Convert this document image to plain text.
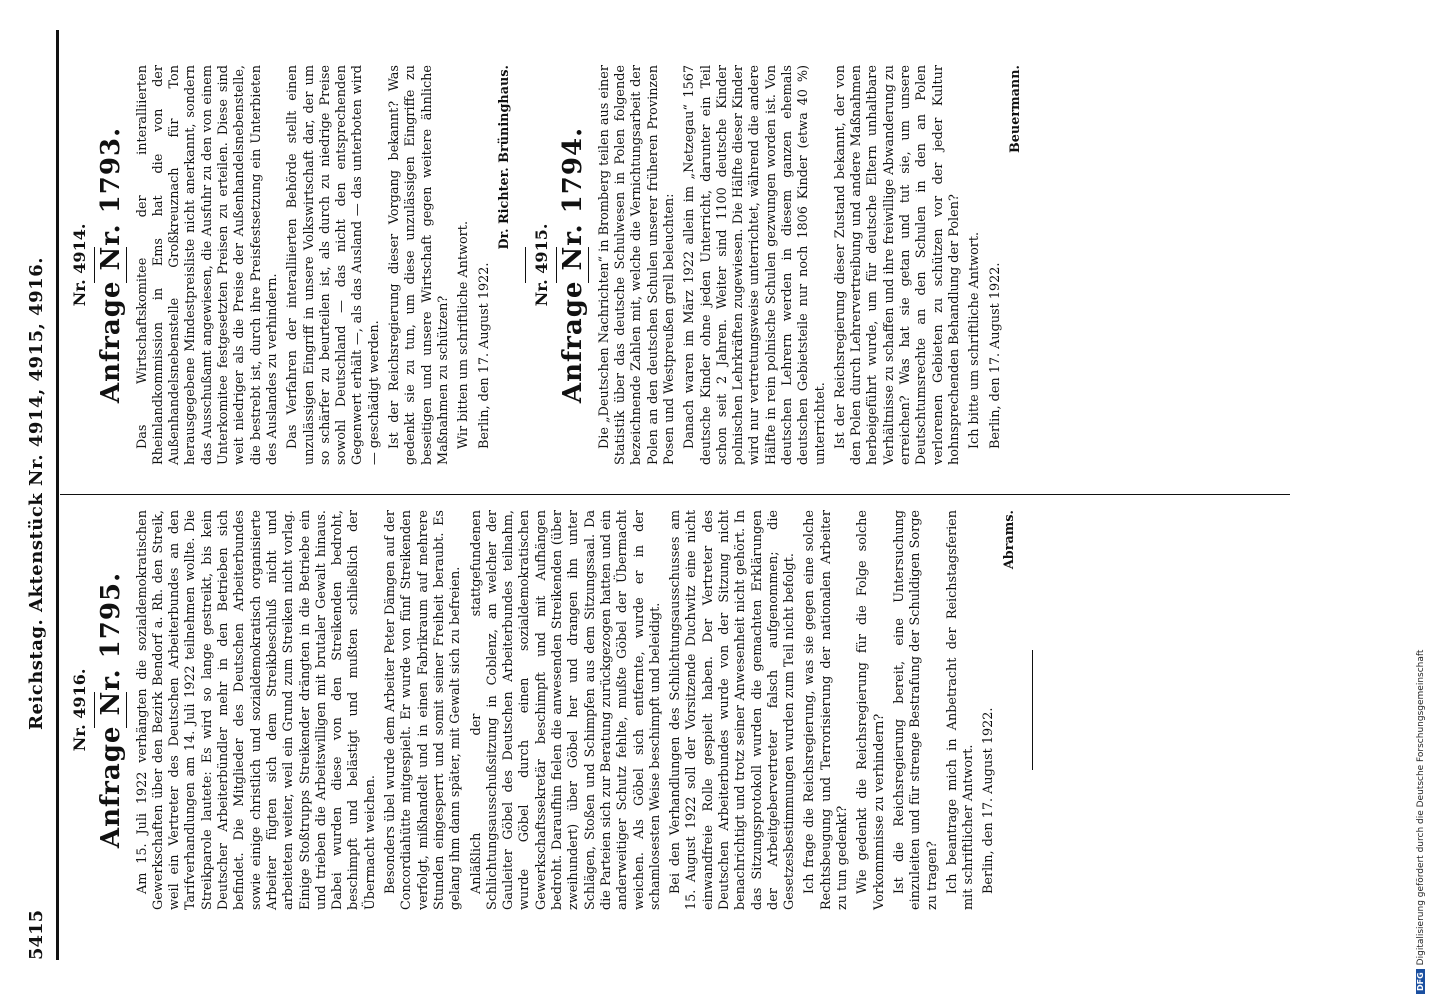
5415
Reichstag. Aktenstück Nr. 4914, 4915, 4916. Nr. 4914. Anfrage Nr. 1793. Das Wirtschaftskomitee der interalliierten Rheinlandkommission in Ems hat die von der Außenhandelsnebenstelle Großkreuznach für Ton herausgegebene Mindestpreisliste nicht anerkannt, sondern das Ausschußamt angewiesen, die Ausfuhr zu den von einem Unterkomitee festgesetzten Preisen zu erteilen. Diese sind weit niedriger als die Preise der Außenhandelsnebenstelle, die bestrebt ist, durch ihre Preisfestsetzung ein Unterbieten des Auslandes zu verhindern. Das Verfahren der interalliierten Behörde stellt einen unzulässigen Eingriff in unsere Volkswirtschaft dar, der um so schärfer zu beurteilen ist, als durch zu niedrige Preise sowohl Deutschland — das nicht den entsprechenden Gegenwert erhält —, als das Ausland — das unterboten wird — geschädigt werden. Ist der Reichsregierung dieser Vorgang bekannt? Was gedenkt sie zu tun, um diese unzulässigen Eingriffe zu beseitigen und unsere Wirtschaft gegen weitere ähnliche Maßnahmen zu schützen? Wir bitten um schriftliche Antwort. Berlin, den 17. August 1922.

Dr. Richter. Brüninghaus.

Nr. 4915. Anfrage Nr. 1794. Die „Deutschen Nachrichten“ in Bromberg teilen aus einer Statistik über das deutsche Schulwesen in Polen folgende bezeichnende Zahlen mit, welche die Vernichtungsarbeit der Polen an den deutschen Schulen unserer früheren Provinzen Posen und Westpreußen grell beleuchten: Danach waren im März 1922 allein im „Netzegau“ 1567 deutsche Kinder ohne jeden Unterricht, darunter ein Teil schon seit 2 Jahren. Weiter sind 1100 deutsche Kinder polnischen Lehrkräften zugewiesen. Die Hälfte dieser Kinder wird nur vertretungsweise unterrichtet, während die andere Hälfte in rein polnische Schulen gezwungen worden ist. Von deutschen Lehrern werden in diesem ganzen ehemals deutschen Gebietsteile nur noch 1806 Kinder (etwa 40 %) unterrichtet. Ist der Reichsregierung dieser Zustand bekannt, der von den Polen durch Lehrervertreibung und andere Maßnahmen herbeigeführt wurde, um für deutsche Eltern unhaltbare Verhältnisse zu schaffen und ihre freiwillige Abwanderung zu erreichen? Was hat sie getan und tut sie, um unsere Deutschtumsrechte an den Schulen in den an Polen verlorenen Gebieten zu schützen vor der jeder Kultur hohnsprechenden Behandlung der Polen? Ich bitte um schriftliche Antwort. Berlin, den 17. August 1922.

Beuermann.

Nr. 4916. Anfrage Nr. 1795. Am 15. Juli 1922 verhängten die sozialdemokratischen Gewerkschaften über den Bezirk Bendorf a. Rh. den Streik, weil ein Vertreter des Deutschen Arbeiterbundes an den Tarifverhandlungen am 14. Juli 1922 teilnehmen wollte. Die Streikparole lautete: Es wird so lange gestreikt, bis kein Deutscher Arbeiterbündler mehr in den Betrieben sich befindet. Die Mitglieder des Deutschen Arbeiterbundes sowie einige christlich und sozialdemokratisch organisierte Arbeiter fügten sich dem Streikbeschluß nicht und arbeiteten weiter, weil ein Grund zum Streiken nicht vorlag. Einige Stoßtrupps Streikender drängten in die Betriebe ein und trieben die Arbeitswilligen mit brutaler Gewalt hinaus. Dabei wurden diese von den Streikenden bedroht, beschimpft und belästigt und mußten schließlich der Übermacht weichen. Besonders übel wurde dem Arbeiter Peter Dämgen auf der Concordiahütte mitgespielt. Er wurde von fünf Streikenden verfolgt, mißhandelt und in einen Fabrikraum auf mehrere Stunden eingesperrt und somit seiner Freiheit beraubt. Es gelang ihm dann später, mit Gewalt sich zu befreien. Anläßlich der stattgefundenen Schlichtungsausschußsitzung in Coblenz, an welcher der Gauleiter Göbel des Deutschen Arbeiterbundes teilnahm, wurde Göbel durch einen sozialdemokratischen Gewerkschaftssekretär beschimpft und mit Aufhängen bedroht. Daraufhin fielen die anwesenden Streikenden (über zweihundert) über Göbel her und drangen ihn unter Schlägen, Stoßen und Schimpfen aus dem Sitzungssaal. Da die Parteien sich zur Beratung zurückgezogen hatten und ein anderweitiger Schutz fehlte, mußte Göbel der Übermacht weichen. Als Göbel sich entfernte, wurde er in der schamlosesten Weise beschimpft und beleidigt. Bei den Verhandlungen des Schlichtungsausschusses am 15. August 1922 soll der Vorsitzende Duchwitz eine nicht einwandfreie Rolle gespielt haben. Der Vertreter des Deutschen Arbeiterbundes wurde von der Sitzung nicht benachrichtigt und trotz seiner Anwesenheit nicht gehört. In das Sitzungsprotokoll wurden die gemachten Erklärungen der Arbeitgebervertreter falsch aufgenommen; die Gesetzesbestimmungen wurden zum Teil nicht befolgt. Ich frage die Reichsregierung, was sie gegen eine solche Rechtsbeugung und Terrorisierung der nationalen Arbeiter zu tun gedenkt? Wie gedenkt die Reichsregierung für die Folge solche Vorkommnisse zu verhindern? Ist die Reichsregierung bereit, eine Untersuchung einzuleiten und für strenge Bestrafung der Schuldigen Sorge zu tragen? Ich beantrage mich in Anbetracht der Reichstagsferien mit schriftlicher Antwort. Berlin, den 17. August 1922.

Abrams.

DFGDigitalisierung gefördert durch die Deutsche Forschungsgemeinschaft
